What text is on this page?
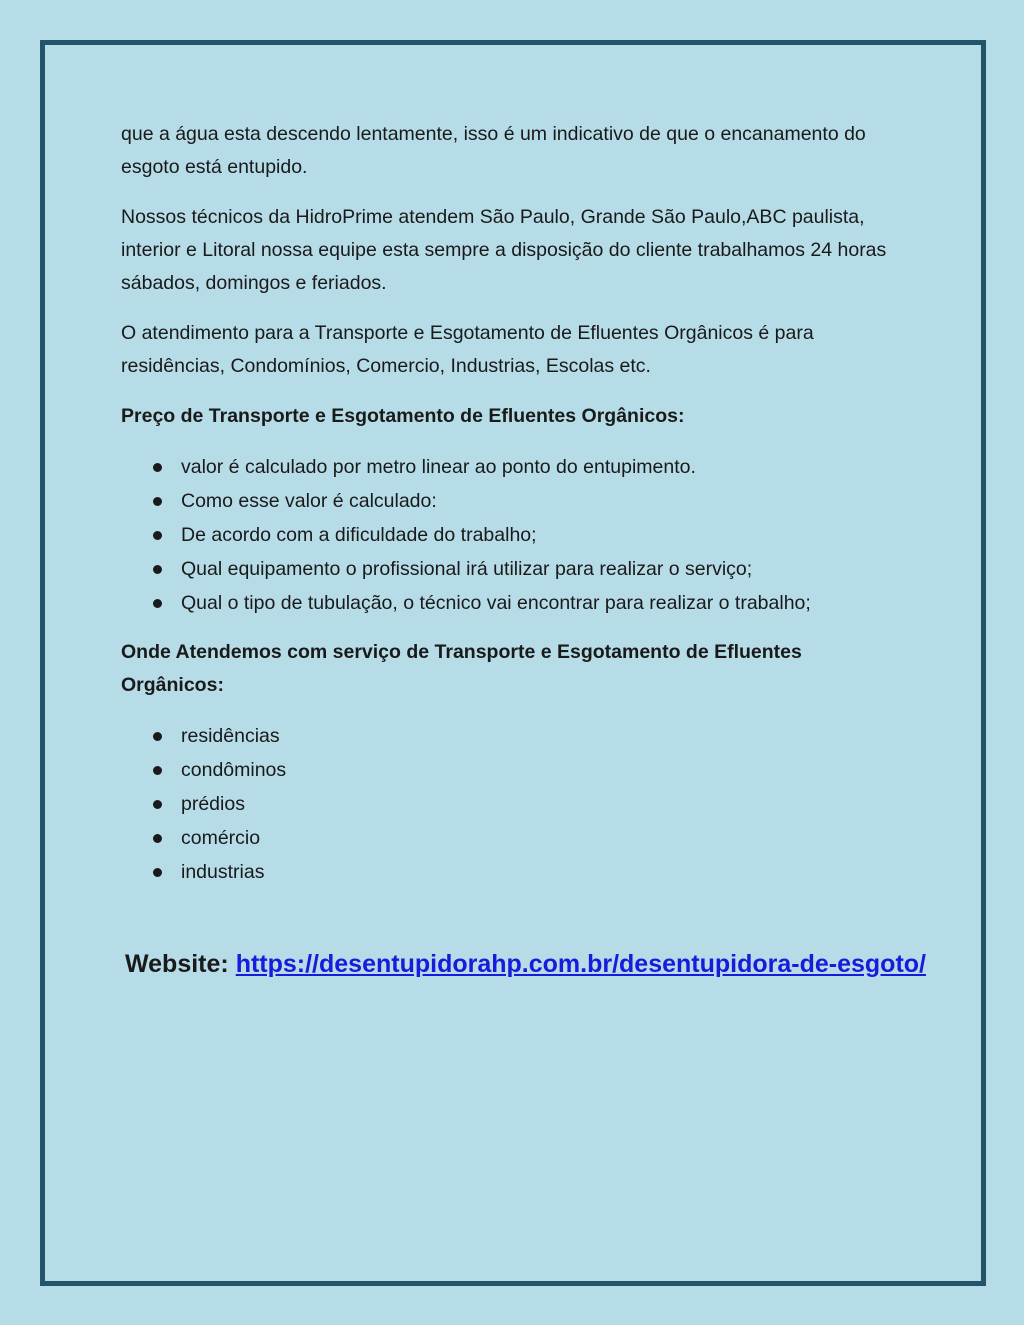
que a água esta descendo lentamente, isso é um indicativo de que o encanamento do esgoto está entupido.

Nossos técnicos da HidroPrime atendem São Paulo, Grande São Paulo,ABC paulista, interior e Litoral nossa equipe esta sempre a disposição do cliente trabalhamos 24 horas sábados, domingos e feriados.

O atendimento para a Transporte e Esgotamento de Efluentes Orgânicos é para residências, Condomínios, Comercio, Industrias, Escolas etc.

Preço de Transporte e Esgotamento de Efluentes Orgânicos:

valor é calculado por metro linear ao ponto do entupimento.
Como esse valor é calculado:
De acordo com a dificuldade do trabalho;
Qual equipamento o profissional irá utilizar para realizar o serviço;
Qual o tipo de tubulação, o técnico vai encontrar para realizar o trabalho;

Onde Atendemos com serviço de Transporte e Esgotamento de Efluentes Orgânicos:

residências
condôminos
prédios
comércio
industrias
Website: https://desentupidorahp.com.br/desentupidora-de-esgoto/
